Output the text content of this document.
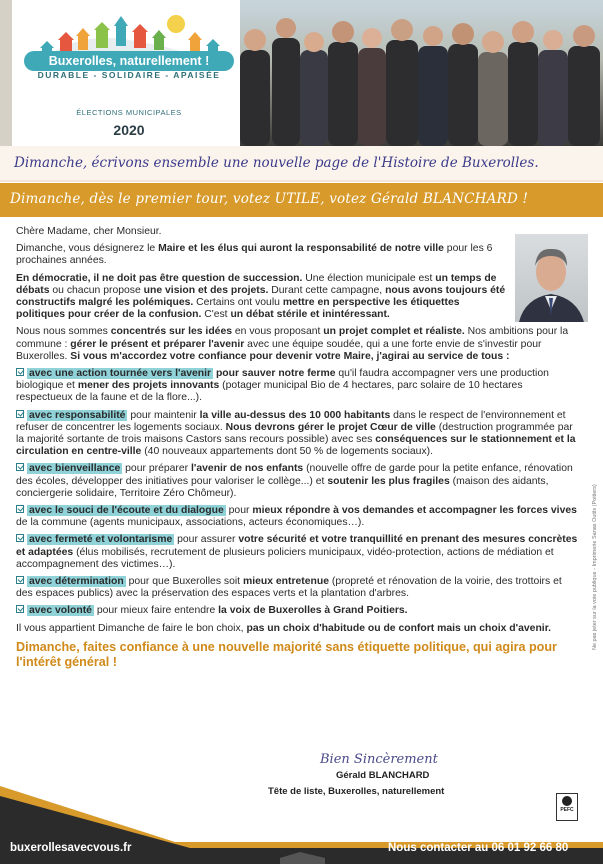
Buxerolles, naturellement !
DURABLE - SOLIDAIRE - APAISÉE
ÉLECTIONS MUNICIPALES
2020
Dimanche, écrivons ensemble une nouvelle page de l'Histoire de Buxerolles.
Dimanche, dès le premier tour, votez UTILE, votez Gérald BLANCHARD !

Chère Madame, cher Monsieur.

Dimanche, vous désignerez le Maire et les élus qui auront la responsabilité de notre ville pour les 6 prochaines années.

En démocratie, il ne doit pas être question de succession. Une élection municipale est un temps de débats ou chacun propose une vision et des projets. Durant cette campagne, nous avons toujours été constructifs malgré les polémiques. Certains ont voulu mettre en perspective les étiquettes politiques pour créer de la confusion. C'est un débat stérile et inintéressant.

Nous nous sommes concentrés sur les idées en vous proposant un projet complet et réaliste. Nos ambitions pour la commune : gérer le présent et préparer l'avenir avec une équipe soudée, qui a une forte envie de s'investir pour Buxerolles. Si vous m'accordez votre confiance pour devenir votre Maire, j'agirai au service de tous :

avec une action tournée vers l'avenir pour sauver notre ferme qu'il faudra accompagner vers une production biologique et mener des projets innovants (potager municipal Bio de 4 hectares, parc solaire de 10 hectares respectueux de la faune et de la flore...).

avec responsabilité pour maintenir la ville au-dessus des 10 000 habitants dans le respect de l'environnement et refuser de concentrer les logements sociaux. Nous devrons gérer le projet Cœur de ville (destruction programmée par la majorité sortante de trois maisons Castors sans recours possible) avec ses conséquences sur le stationnement et la circulation en centre-ville (40 nouveaux appartements dont 50 % de logements sociaux).

avec bienveillance pour préparer l'avenir de nos enfants (nouvelle offre de garde pour la petite enfance, rénovation des écoles, développer des initiatives pour valoriser le collège...) et soutenir les plus fragiles (maison des aidants, conciergerie solidaire, Territoire Zéro Chômeur).

avec le souci de l'écoute et du dialogue pour mieux répondre à vos demandes et accompagner les forces vives de la commune (agents municipaux, associations, acteurs économiques…).

avec fermeté et volontarisme pour assurer votre sécurité et votre tranquillité en prenant des mesures concrètes et adaptées (élus mobilisés, recrutement de plusieurs policiers municipaux, vidéo-protection, actions de médiation et accompagnement des victimes…).

avec détermination pour que Buxerolles soit mieux entretenue (propreté et rénovation de la voirie, des trottoirs et des espaces publics) avec la préservation des espaces verts et la plantation d'arbres.

avec volonté pour mieux faire entendre la voix de Buxerolles à Grand Poitiers.

Il vous appartient Dimanche de faire le bon choix, pas un choix d'habitude ou de confort mais un choix d'avenir.

Dimanche, faites confiance à une nouvelle majorité sans étiquette politique, qui agira pour l'intérêt général !

Ne pas jeter sur la voie publique - Imprimerie Sanas Outils (Poitiers)
Bien Sincèrement
Gérald BLANCHARD
Tête de liste, Buxerolles, naturellement
PEFC
buxerollesavecvous.fr	Nous contacter au 06 01 92 66 80
